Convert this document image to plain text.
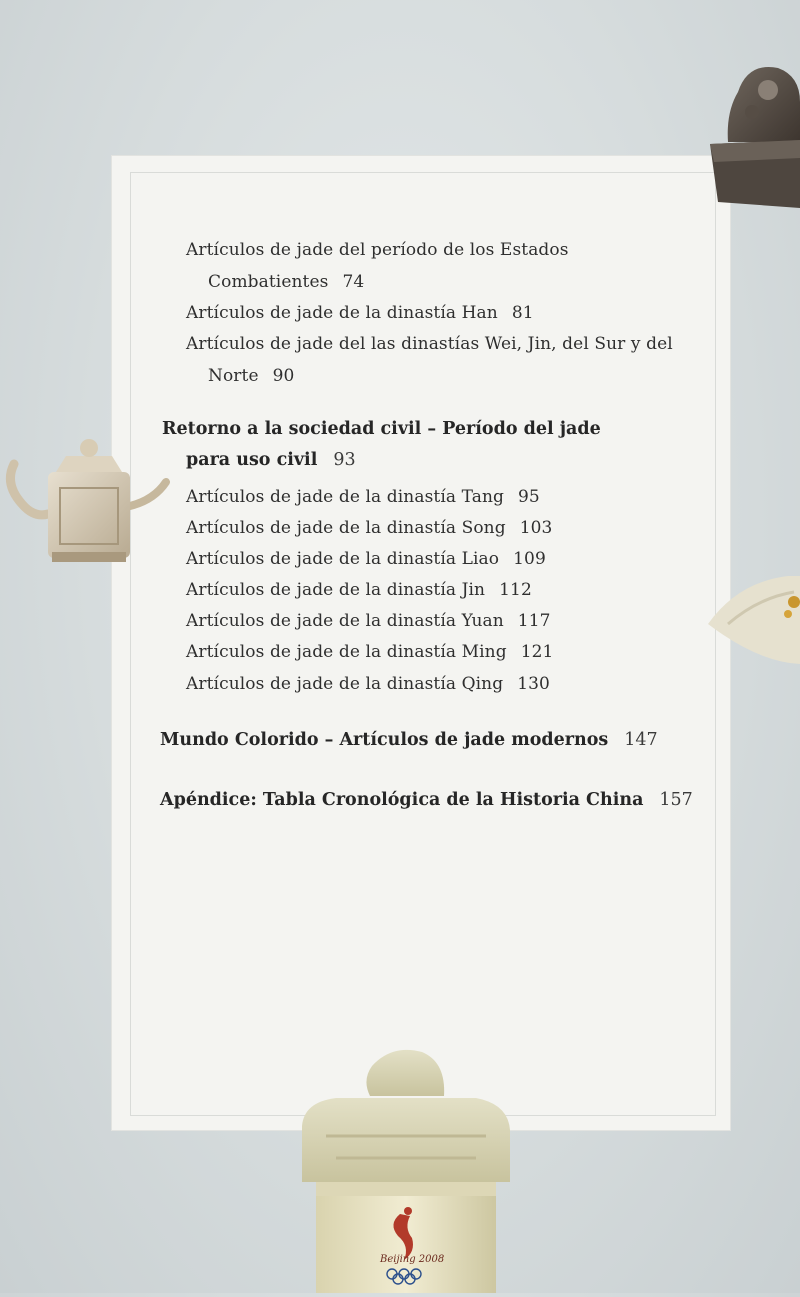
Artículos de jade del período de los Estados
Combatientes 74
Artículos de jade de la dinastía Han 81
Artículos de jade del las dinastías Wei, Jin, del Sur y del
Norte 90
Retorno a la sociedad civil – Período del jade
para uso civil 93
Artículos de jade de la dinastía Tang 95
Artículos de jade de la dinastía Song 103
Artículos de jade de la dinastía Liao 109
Artículos de jade de la dinastía Jin 112
Artículos de jade de la dinastía Yuan 117
Artículos de jade de la dinastía Ming 121
Artículos de jade de la dinastía Qing 130
Mundo Colorido – Artículos de jade modernos 147
Apéndice: Tabla Cronológica de la Historia China 157
Beijing 2008
